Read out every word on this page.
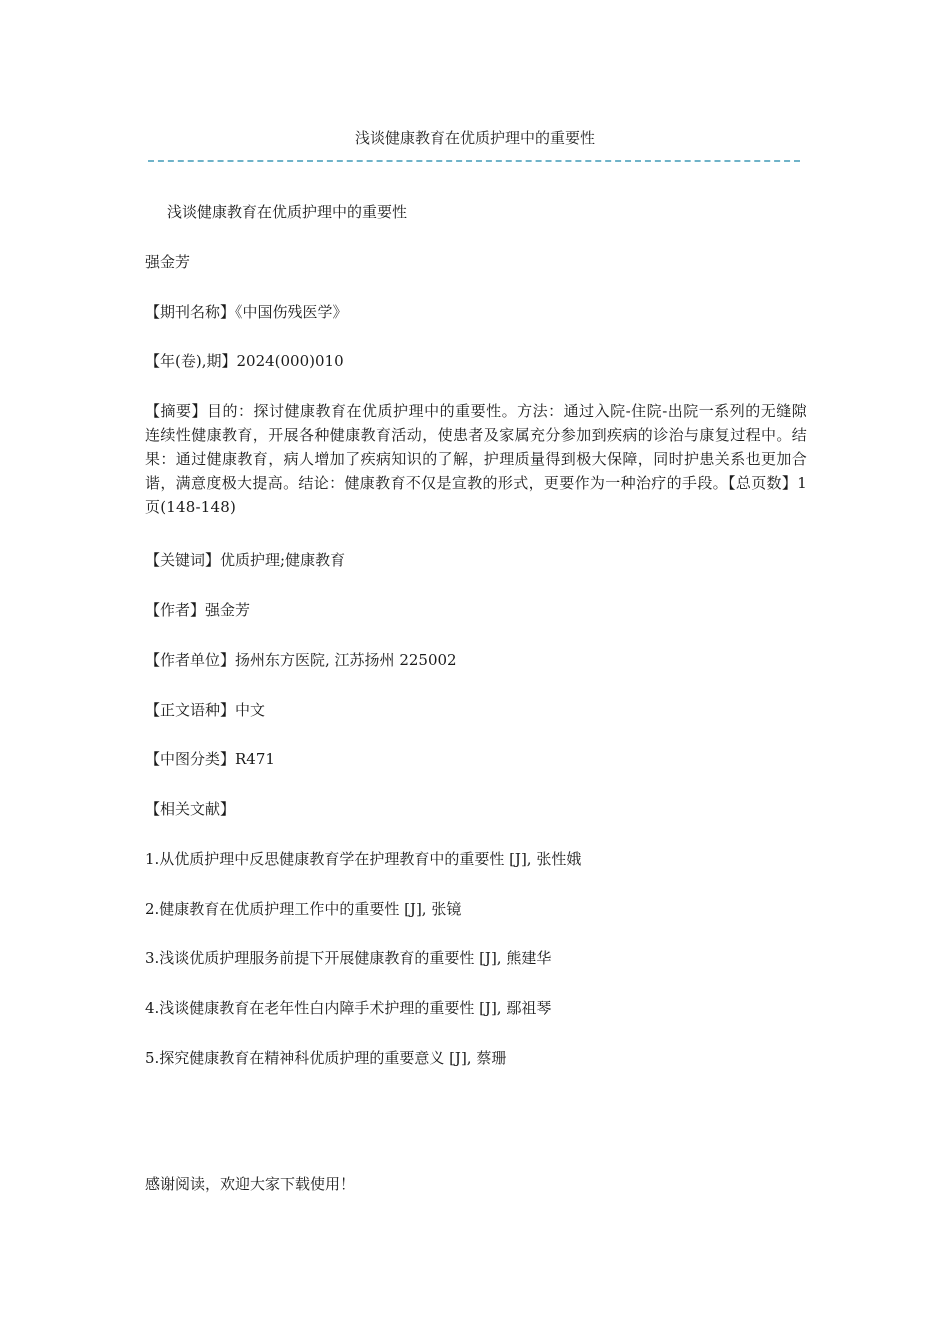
浅谈健康教育在优质护理中的重要性
浅谈健康教育在优质护理中的重要性
强金芳
【期刊名称】《中国伤残医学》
【年(卷),期】2024(000)010
【摘要】目的：探讨健康教育在优质护理中的重要性。方法：通过入院-住院-出院一系列的无缝隙连续性健康教育，开展各种健康教育活动，使患者及家属充分参加到疾病的诊治与康复过程中。结果：通过健康教育，病人增加了疾病知识的了解，护理质量得到极大保障，同时护患关系也更加合谐，满意度极大提高。结论：健康教育不仅是宣教的形式，更要作为一种治疗的手段。【总页数】1 页(148-148)
【关键词】优质护理;健康教育
【作者】强金芳
【作者单位】扬州东方医院, 江苏扬州 225002
【正文语种】中文
【中图分类】R471
【相关文献】
1.从优质护理中反思健康教育学在护理教育中的重要性 [J], 张性娥
2.健康教育在优质护理工作中的重要性 [J], 张镜
3.浅谈优质护理服务前提下开展健康教育的重要性 [J], 熊建华
4.浅谈健康教育在老年性白内障手术护理的重要性 [J], 鄢祖琴
5.探究健康教育在精神科优质护理的重要意义 [J], 蔡珊
感谢阅读，欢迎大家下载使用！
